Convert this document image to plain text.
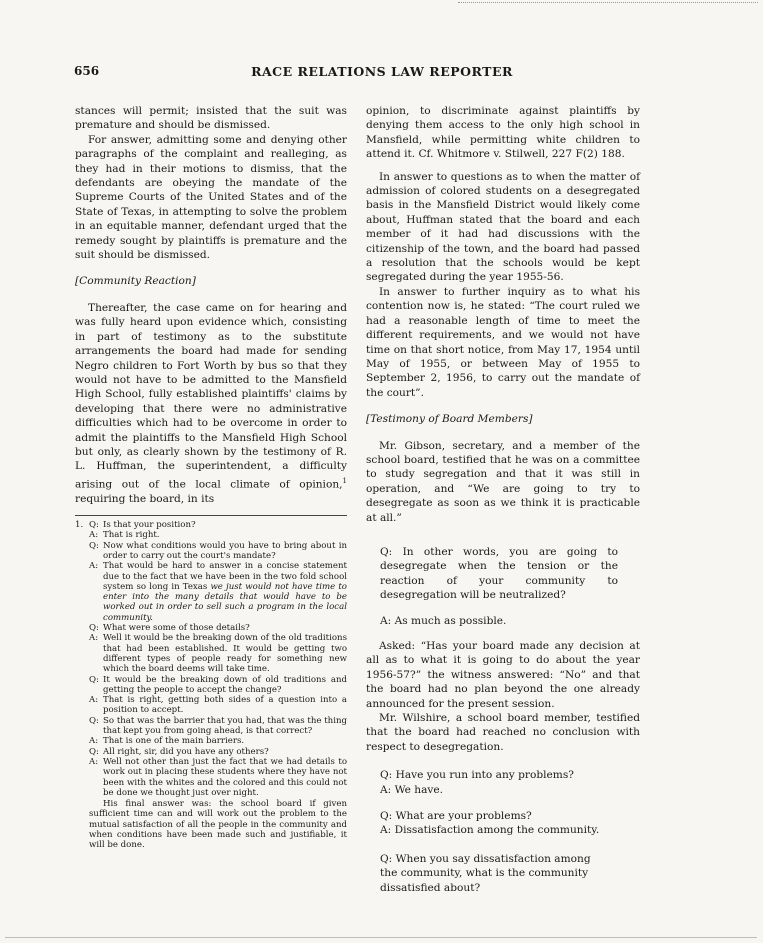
656	RACE RELATIONS LAW REPORTER

stances will permit; insisted that the suit was premature and should be dismissed.

For answer, admitting some and denying other paragraphs of the complaint and realleging, as they had in their motions to dismiss, that the defendants are obeying the mandate of the Supreme Courts of the United States and of the State of Texas, in attempting to solve the problem in an equitable manner, defendant urged that the remedy sought by plaintiffs is premature and the suit should be dismissed.

[Community Reaction]

Thereafter, the case came on for hearing and was fully heard upon evidence which, consisting in part of testimony as to the substitute arrangements the board had made for sending Negro children to Fort Worth by bus so that they would not have to be admitted to the Mansfield High School, fully established plaintiffs' claims by developing that there were no administrative difficulties which had to be overcome in order to admit the plaintiffs to the Mansfield High School but only, as clearly shown by the testimony of R. L. Huffman, the superintendent, a difficulty arising out of the local climate of opinion,$^1$ requiring the board, in its

1. Q: Is that your position?
A: That is right.
Q: Now what conditions would you have to bring about in order to carry out the court's mandate?
A: That would be hard to answer in a concise statement due to the fact that we have been in the two fold school system so long in Texas we just would not have time to enter into the many details that would have to be worked out in order to sell such a program in the local community.
Q: What were some of those details?
A: Well it would be the breaking down of the old traditions that had been established. It would be getting two different types of people ready for something new which the board deems will take time.
Q: It would be the breaking down of old traditions and getting the people to accept the change?
A: That is right, getting both sides of a question into a position to accept.
Q: So that was the barrier that you had, that was the thing that kept you from going ahead, is that correct?
A: That is one of the main barriers.
Q: All right, sir, did you have any others?
A: Well not other than just the fact that we had details to work out in placing these students where they have not been with the whites and the colored and this could not be done we thought just over night.
His final answer was: the school board if given sufficient time can and will work out the problem to the mutual satisfaction of all the people in the community and when conditions have been made such and justifiable, it will be done.

opinion, to discriminate against plaintiffs by denying them access to the only high school in Mansfield, while permitting white children to attend it. Cf. Whitmore v. Stilwell, 227 F(2) 188.

In answer to questions as to when the matter of admission of colored students on a desegregated basis in the Mansfield District would likely come about, Huffman stated that the board and each member of it had had discussions with the citizenship of the town, and the board had passed a resolution that the schools would be kept segregated during the year 1955-56.

In answer to further inquiry as to what his contention now is, he stated: “The court ruled we had a reasonable length of time to meet the different requirements, and we would not have time on that short notice, from May 17, 1954 until May of 1955, or between May of 1955 to September 2, 1956, to carry out the mandate of the court”.

[Testimony of Board Members]

Mr. Gibson, secretary, and a member of the school board, testified that he was on a committee to study segregation and that it was still in operation, and “We are going to try to desegregate as soon as we think it is practicable at all.”

Q: In other words, you are going to desegregate when the tension or the reaction of your community to desegregation will be neutralized?

A: As much as possible.

Asked: “Has your board made any decision at all as to what it is going to do about the year 1956-57?” the witness answered: “No” and that the board had no plan beyond the one already announced for the present session.

Mr. Wilshire, a school board member, testified that the board had reached no conclusion with respect to desegregation.

Q: Have you run into any problems?

A: We have.

Q: What are your problems?

A: Dissatisfaction among the community.

Q: When you say dissatisfaction among the community, what is the community dissatisfied about?
